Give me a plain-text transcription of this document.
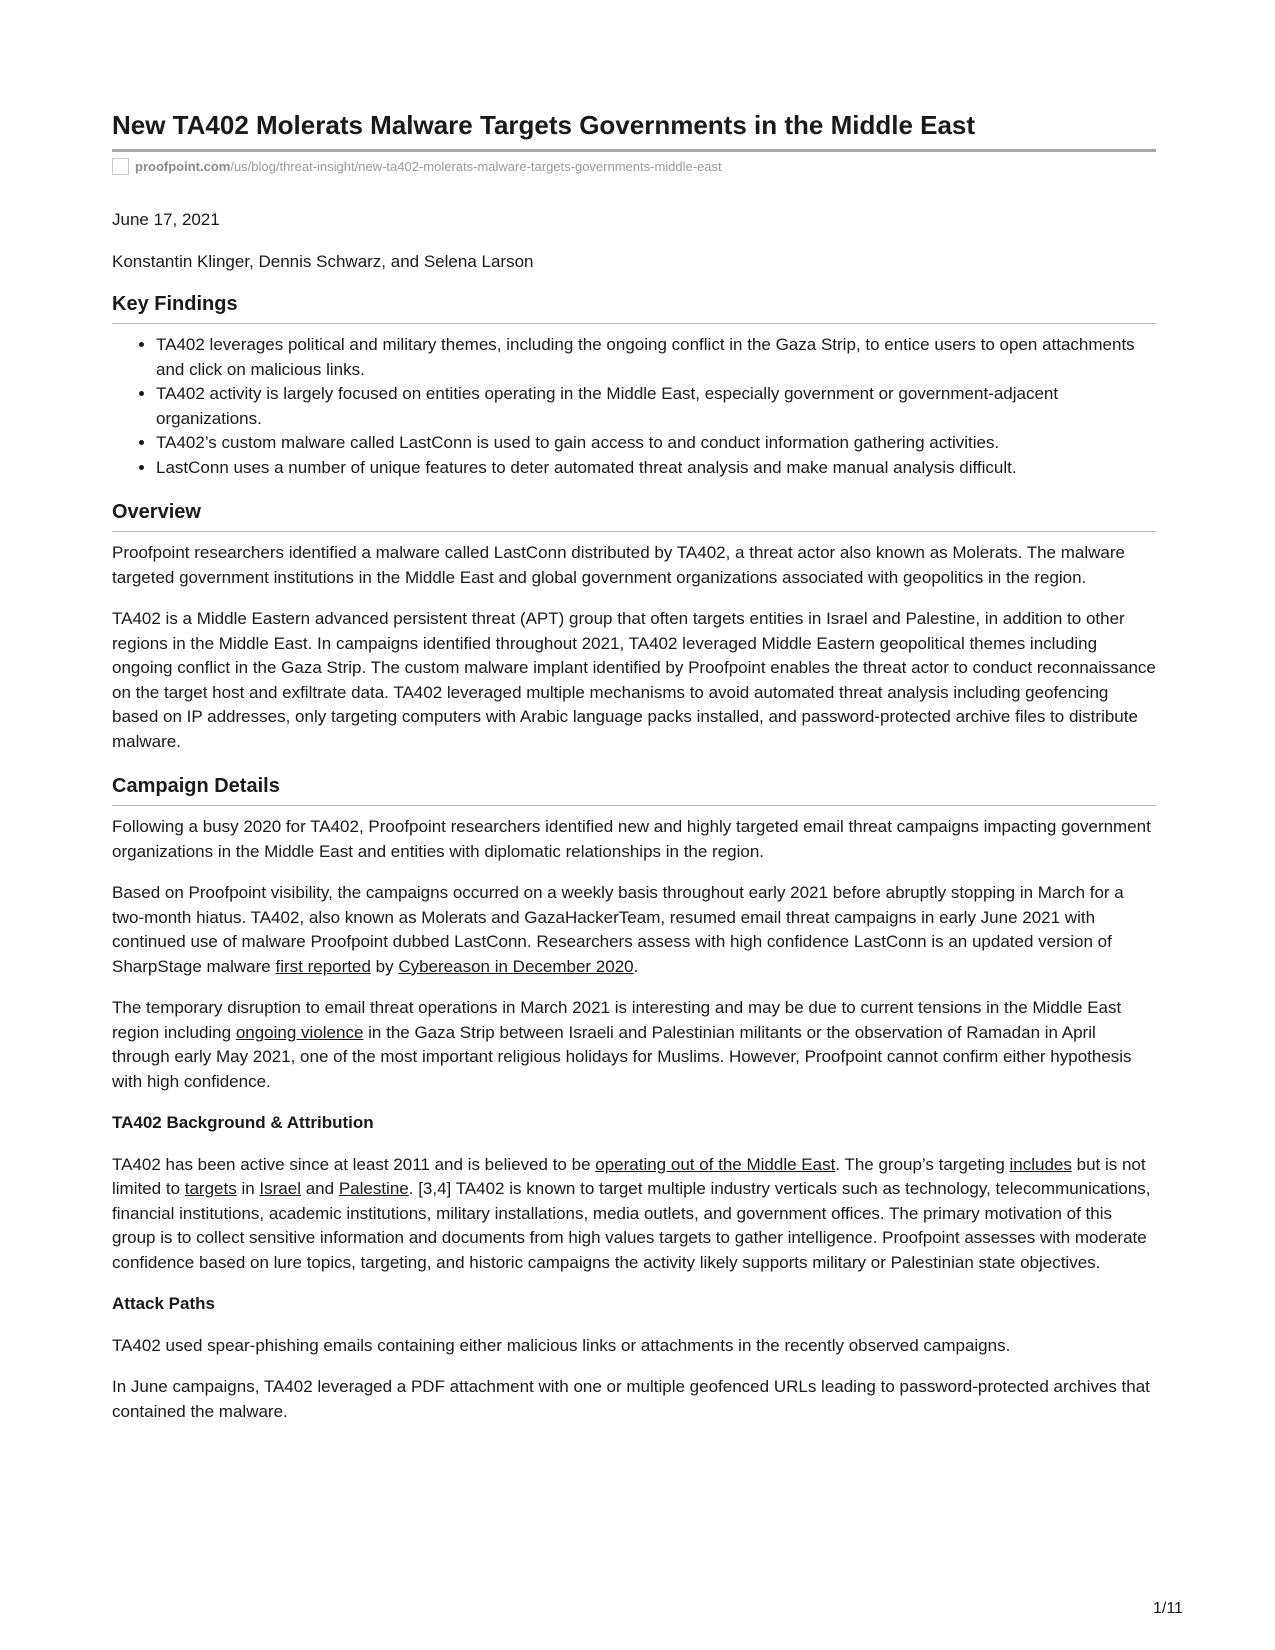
New TA402 Molerats Malware Targets Governments in the Middle East
proofpoint.com /us/blog/threat-insight/new-ta402-molerats-malware-targets-governments-middle-east
June 17, 2021
Konstantin Klinger, Dennis Schwarz, and Selena Larson
Key Findings
• TA402 leverages political and military themes, including the ongoing conflict in the Gaza Strip, to entice users to open attachments and click on malicious links.
• TA402 activity is largely focused on entities operating in the Middle East, especially government or government-adjacent organizations.
• TA402’s custom malware called LastConn is used to gain access to and conduct information gathering activities.
• LastConn uses a number of unique features to deter automated threat analysis and make manual analysis difficult.
Overview

Proofpoint researchers identified a malware called LastConn distributed by TA402, a threat actor also known as Molerats. The malware targeted government institutions in the Middle East and global government organizations associated with geopolitics in the region.

TA402 is a Middle Eastern advanced persistent threat (APT) group that often targets entities in Israel and Palestine, in addition to other regions in the Middle East. In campaigns identified throughout 2021, TA402 leveraged Middle Eastern geopolitical themes including ongoing conflict in the Gaza Strip. The custom malware implant identified by Proofpoint enables the threat actor to conduct reconnaissance on the target host and exfiltrate data. TA402 leveraged multiple mechanisms to avoid automated threat analysis including geofencing based on IP addresses, only targeting computers with Arabic language packs installed, and password-protected archive files to distribute malware.

Campaign Details

Following a busy 2020 for TA402, Proofpoint researchers identified new and highly targeted email threat campaigns impacting government organizations in the Middle East and entities with diplomatic relationships in the region.

Based on Proofpoint visibility, the campaigns occurred on a weekly basis throughout early 2021 before abruptly stopping in March for a two-month hiatus. TA402, also known as Molerats and GazaHackerTeam, resumed email threat campaigns in early June 2021 with continued use of malware Proofpoint dubbed LastConn. Researchers assess with high confidence LastConn is an updated version of SharpStage malware first reported by Cybereason in December 2020.

The temporary disruption to email threat operations in March 2021 is interesting and may be due to current tensions in the Middle East region including ongoing violence in the Gaza Strip between Israeli and Palestinian militants or the observation of Ramadan in April through early May 2021, one of the most important religious holidays for Muslims. However, Proofpoint cannot confirm either hypothesis with high confidence.

TA402 Background & Attribution

TA402 has been active since at least 2011 and is believed to be operating out of the Middle East. The group’s targeting includes but is not limited to targets in Israel and Palestine. [3,4] TA402 is known to target multiple industry verticals such as technology, telecommunications, financial institutions, academic institutions, military installations, media outlets, and government offices. The primary motivation of this group is to collect sensitive information and documents from high values targets to gather intelligence. Proofpoint assesses with moderate confidence based on lure topics, targeting, and historic campaigns the activity likely supports military or Palestinian state objectives.

Attack Paths

TA402 used spear-phishing emails containing either malicious links or attachments in the recently observed campaigns.

In June campaigns, TA402 leveraged a PDF attachment with one or multiple geofenced URLs leading to password-protected archives that contained the malware.

1/11
